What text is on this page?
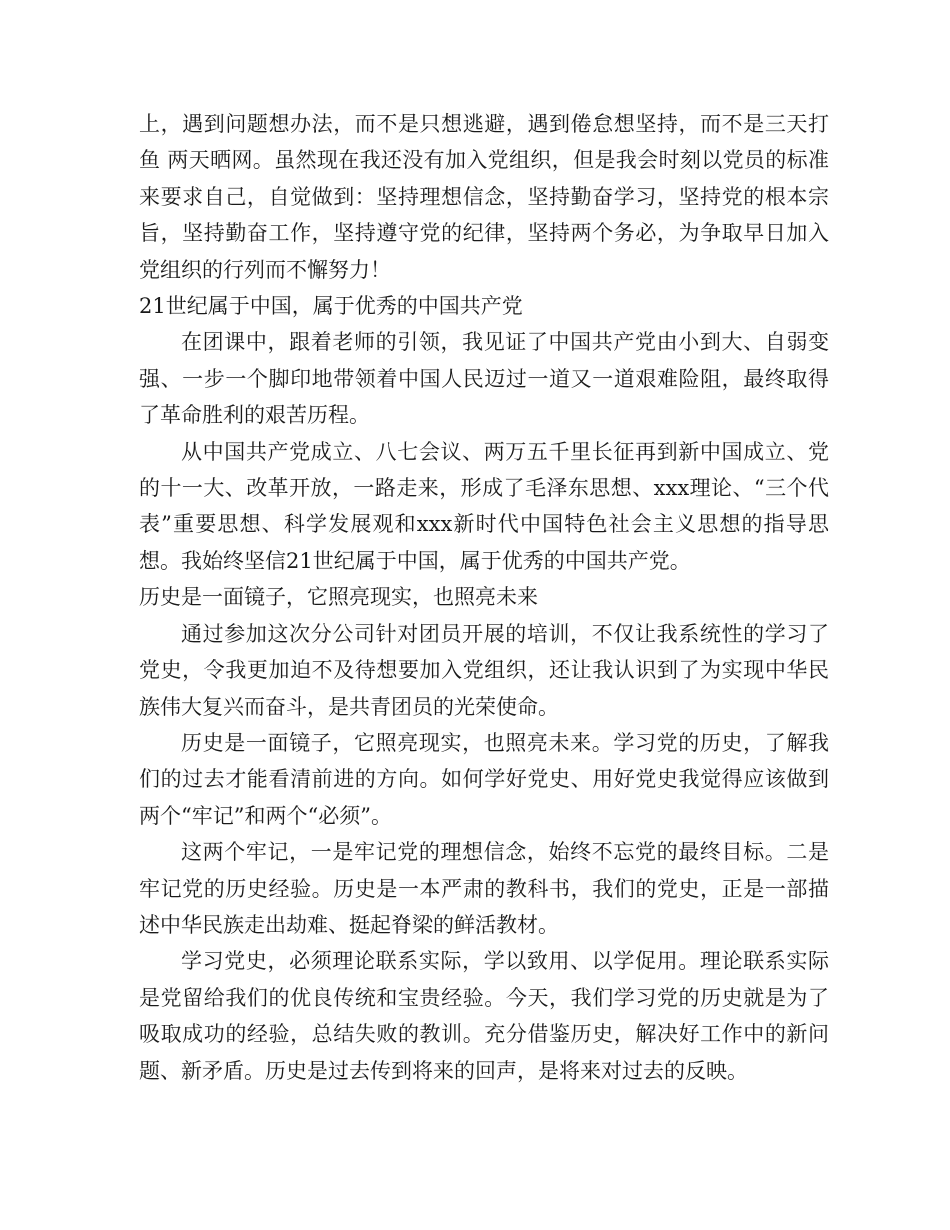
上，遇到问题想办法，而不是只想逃避，遇到倦怠想坚持，而不是三天打鱼 两天晒网。虽然现在我还没有加入党组织，但是我会时刻以党员的标准来要求自己，自觉做到：坚持理想信念，坚持勤奋学习，坚持党的根本宗旨，坚持勤奋工作，坚持遵守党的纪律，坚持两个务必，为争取早日加入党组织的行列而不懈努力！

21世纪属于中国，属于优秀的中国共产党

在团课中，跟着老师的引领，我见证了中国共产党由小到大、自弱变强、一步一个脚印地带领着中国人民迈过一道又一道艰难险阻，最终取得了革命胜利的艰苦历程。

从中国共产党成立、八七会议、两万五千里长征再到新中国成立、党的十一大、改革开放，一路走来，形成了毛泽东思想、xxx理论、“三个代表”重要思想、科学发展观和xxx新时代中国特色社会主义思想的指导思想。我始终坚信21世纪属于中国，属于优秀的中国共产党。

历史是一面镜子，它照亮现实，也照亮未来

通过参加这次分公司针对团员开展的培训，不仅让我系统性的学习了党史，令我更加迫不及待想要加入党组织，还让我认识到了为实现中华民族伟大复兴而奋斗，是共青团员的光荣使命。

历史是一面镜子，它照亮现实，也照亮未来。学习党的历史，了解我们的过去才能看清前进的方向。如何学好党史、用好党史我觉得应该做到两个“牢记”和两个“必须”。

这两个牢记，一是牢记党的理想信念，始终不忘党的最终目标。二是牢记党的历史经验。历史是一本严肃的教科书，我们的党史，正是一部描述中华民族走出劫难、挺起脊梁的鲜活教材。

学习党史，必须理论联系实际，学以致用、以学促用。理论联系实际是党留给我们的优良传统和宝贵经验。今天，我们学习党的历史就是为了吸取成功的经验，总结失败的教训。充分借鉴历史，解决好工作中的新问题、新矛盾。历史是过去传到将来的回声，是将来对过去的反映。
